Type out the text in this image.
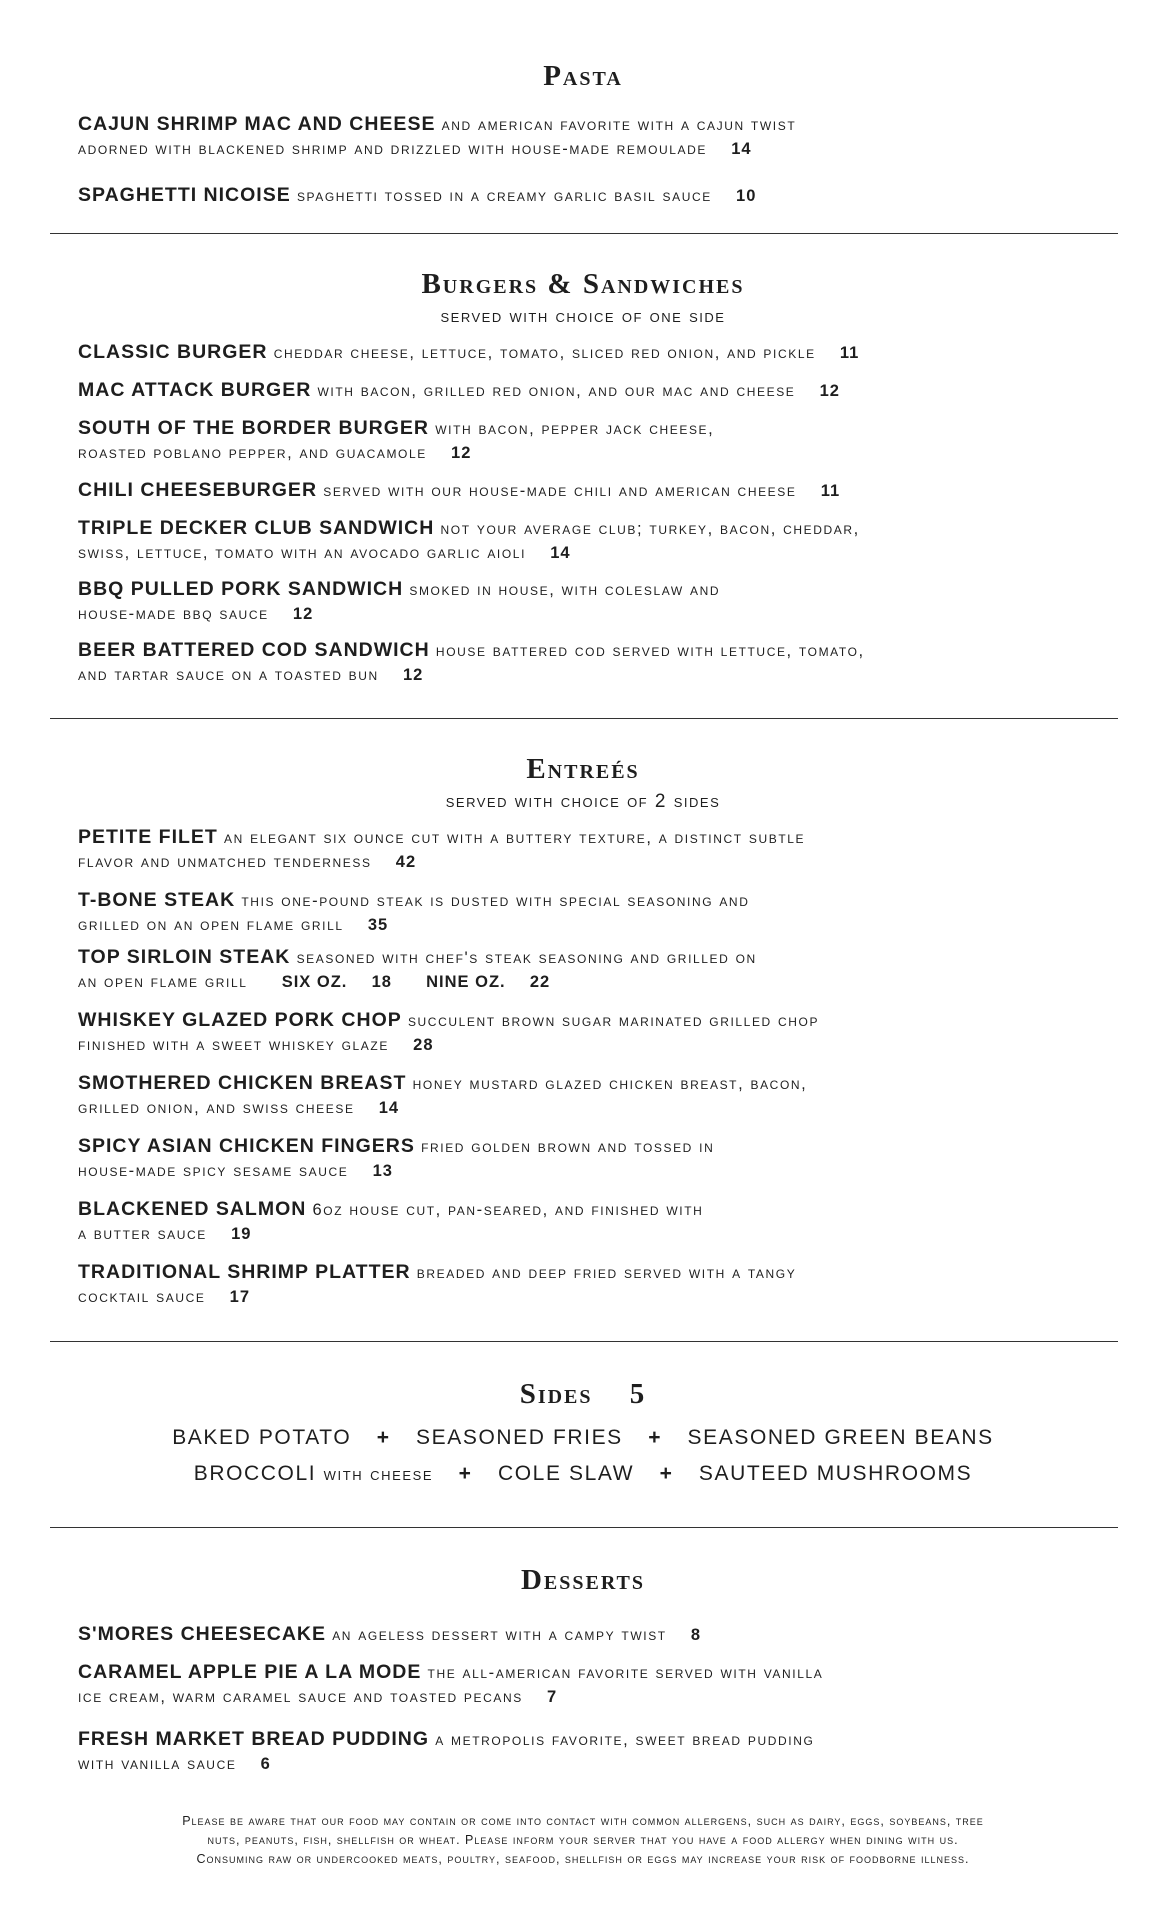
Pasta
CAJUN SHRIMP MAC AND CHEESE and american favorite with a cajun twist
adorned with blackened shrimp and drizzled with house-made remoulade 14
SPAGHETTI NICOISE spaghetti tossed in a creamy garlic basil sauce 10
Burgers & Sandwiches

served with choice of one side

CLASSIC BURGER cheddar cheese, lettuce, tomato, sliced red onion, and pickle 11
MAC ATTACK BURGER with bacon, grilled red onion, and our mac and cheese 12
SOUTH OF THE BORDER BURGER with bacon, pepper jack cheese,
roasted poblano pepper, and guacamole 12
CHILI CHEESEBURGER served with our house-made chili and american cheese 11
TRIPLE DECKER CLUB SANDWICH not your average club; turkey, bacon, cheddar,
swiss, lettuce, tomato with an avocado garlic aioli 14
BBQ PULLED PORK SANDWICH smoked in house, with coleslaw and
house-made bbq sauce 12
BEER BATTERED COD SANDWICH house battered cod served with lettuce, tomato,
and tartar sauce on a toasted bun 12
Entreés

served with choice of 2 sides

PETITE FILET an elegant six ounce cut with a buttery texture, a distinct subtle
flavor and unmatched tenderness 42
T-BONE STEAK this one-pound steak is dusted with special seasoning and
grilled on an open flame grill 35
TOP SIRLOIN STEAK seasoned with chef's steak seasoning and grilled on
an open flame grill SIX OZ. 18 NINE OZ. 22
WHISKEY GLAZED PORK CHOP succulent brown sugar marinated grilled chop
finished with a sweet whiskey glaze 28
SMOTHERED CHICKEN BREAST honey mustard glazed chicken breast, bacon,
grilled onion, and swiss cheese 14
SPICY ASIAN CHICKEN FINGERS fried golden brown and tossed in
house-made spicy sesame sauce 13
BLACKENED SALMON 6oz house cut, pan-seared, and finished with
a butter sauce 19
TRADITIONAL SHRIMP PLATTER breaded and deep fried served with a tangy
cocktail sauce 17
Sides 5
BAKED POTATO + SEASONED FRIES + SEASONED GREEN BEANS
BROCCOLI with cheese + COLE SLAW + SAUTEED MUSHROOMS
Desserts
S'MORES CHEESECAKE an ageless dessert with a campy twist 8
CARAMEL APPLE PIE A LA MODE the all-american favorite served with vanilla
ice cream, warm caramel sauce and toasted pecans 7
FRESH MARKET BREAD PUDDING a metropolis favorite, sweet bread pudding
with vanilla sauce 6
Please be aware that our food may contain or come into contact with common allergens, such as dairy, eggs, soybeans, tree
nuts, peanuts, fish, shellfish or wheat. Please inform your server that you have a food allergy when dining with us.
Consuming raw or undercooked meats, poultry, seafood, shellfish or eggs may increase your risk of foodborne illness.
